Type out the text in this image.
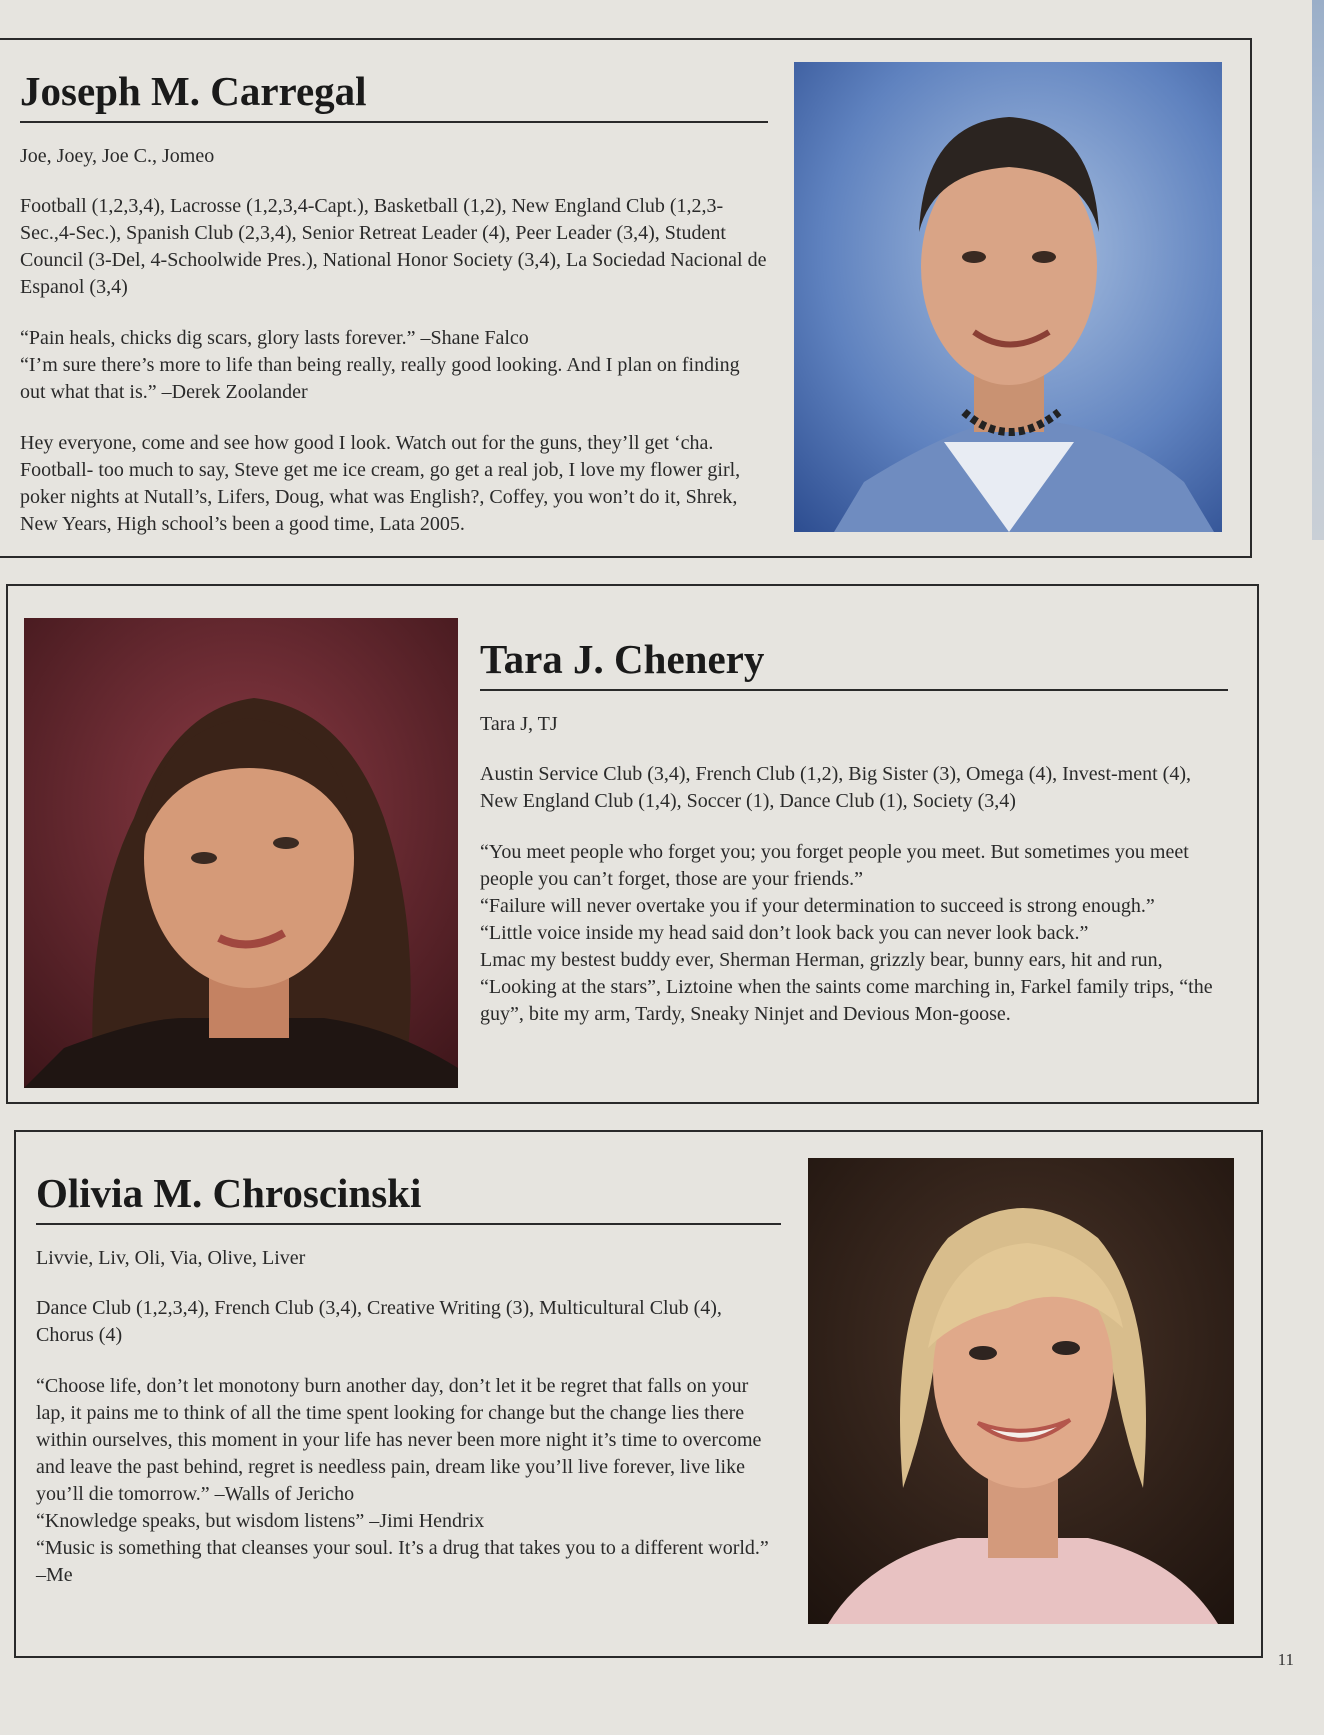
Joseph M. Carregal
Joe, Joey, Joe C., Jomeo
Football (1,2,3,4), Lacrosse (1,2,3,4-Capt.), Basketball (1,2), New England Club (1,2,3-Sec.,4-Sec.), Spanish Club (2,3,4), Senior Retreat Leader (4), Peer Leader (3,4), Student Council (3-Del, 4-Schoolwide Pres.), National Honor Society (3,4), La Sociedad Nacional de Espanol (3,4)

“Pain heals, chicks dig scars, glory lasts forever.” –Shane Falco

“I’m sure there’s more to life than being really, really good looking. And I plan on finding out what that is.” –Derek Zoolander

Hey everyone, come and see how good I look. Watch out for the guns, they’ll get ‘cha. Football- too much to say, Steve get me ice cream, go get a real job, I love my flower girl, poker nights at Nutall’s, Lifers, Doug, what was English?, Coffey, you won’t do it, Shrek, New Years, High school’s been a good time, Lata 2005.
Tara J. Chenery
Tara J, TJ
Austin Service Club (3,4), French Club (1,2), Big Sister (3), Omega (4), Invest-ment (4), New England Club (1,4), Soccer (1), Dance Club (1), Society (3,4)

“You meet people who forget you; you forget people you meet. But sometimes you meet people you can’t forget, those are your friends.”

“Failure will never overtake you if your determination to succeed is strong enough.”

“Little voice inside my head said don’t look back you can never look back.”

Lmac my bestest buddy ever, Sherman Herman, grizzly bear, bunny ears, hit and run, “Looking at the stars”, Liztoine when the saints come marching in, Farkel family trips, “the guy”, bite my arm, Tardy, Sneaky Ninjet and Devious Mon-goose.

Olivia M. Chroscinski
Livvie, Liv, Oli, Via, Olive, Liver
Dance Club (1,2,3,4), French Club (3,4), Creative Writing (3), Multicultural Club (4), Chorus (4)

“Choose life, don’t let monotony burn another day, don’t let it be regret that falls on your lap, it pains me to think of all the time spent looking for change but the change lies there within ourselves, this moment in your life has never been more night it’s time to overcome and leave the past behind, regret is needless pain, dream like you’ll live forever, live like you’ll die tomorrow.” –Walls of Jericho

“Knowledge speaks, but wisdom listens” –Jimi Hendrix

“Music is something that cleanses your soul. It’s a drug that takes you to a different world.” –Me

11
